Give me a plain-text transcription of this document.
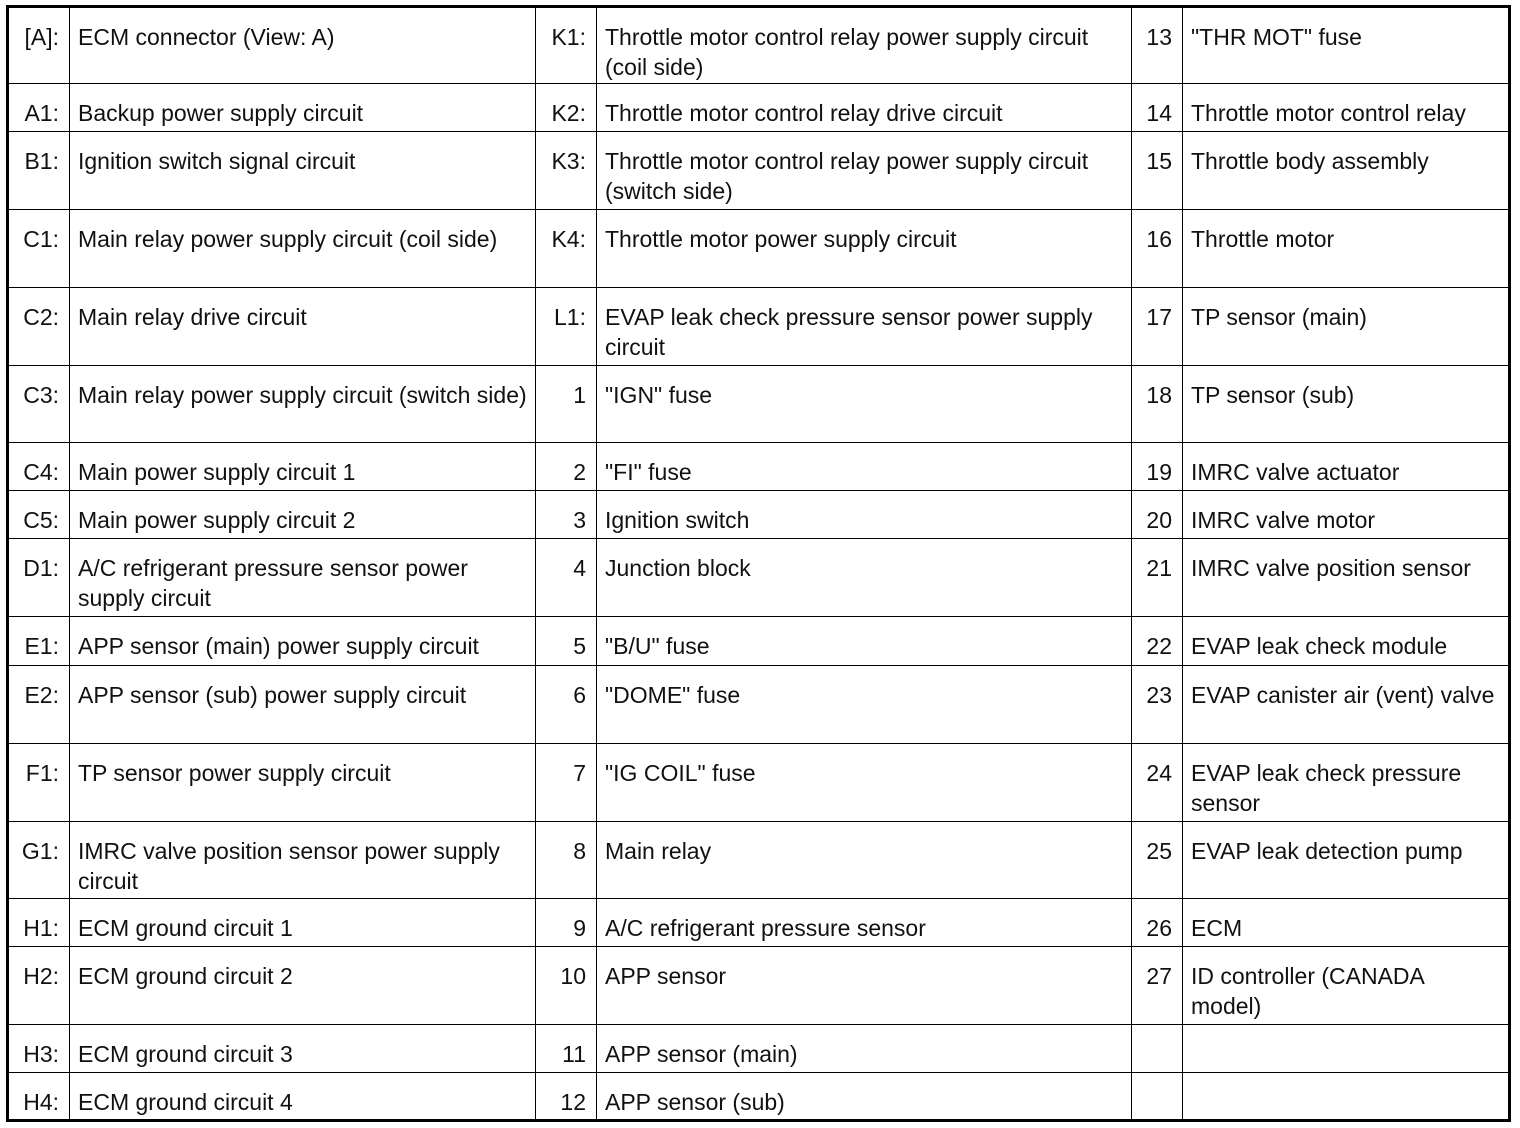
[A]:	ECM connector (View: A)	K1:	Throttle motor control relay power supply circuit (coil side)	13	"THR MOT" fuse
A1:	Backup power supply circuit	K2:	Throttle motor control relay drive circuit	14	Throttle motor control relay
B1:	Ignition switch signal circuit	K3:	Throttle motor control relay power supply circuit (switch side)	15	Throttle body assembly
C1:	Main relay power supply circuit (coil side)	K4:	Throttle motor power supply circuit	16	Throttle motor
C2:	Main relay drive circuit	L1:	EVAP leak check pressure sensor power supply circuit	17	TP sensor (main)
C3:	Main relay power supply circuit (switch side)	1	"IGN" fuse	18	TP sensor (sub)
C4:	Main power supply circuit 1	2	"FI" fuse	19	IMRC valve actuator
C5:	Main power supply circuit 2	3	Ignition switch	20	IMRC valve motor
D1:	A/C refrigerant pressure sensor power supply circuit	4	Junction block	21	IMRC valve position sensor
E1:	APP sensor (main) power supply circuit	5	"B/U" fuse	22	EVAP leak check module
E2:	APP sensor (sub) power supply circuit	6	"DOME" fuse	23	EVAP canister air (vent) valve
F1:	TP sensor power supply circuit	7	"IG COIL" fuse	24	EVAP leak check pressure sensor
G1:	IMRC valve position sensor power supply circuit	8	Main relay	25	EVAP leak detection pump
H1:	ECM ground circuit 1	9	A/C refrigerant pressure sensor	26	ECM
H2:	ECM ground circuit 2	10	APP sensor	27	ID controller (CANADA model)
H3:	ECM ground circuit 3	11	APP sensor (main)		
H4:	ECM ground circuit 4	12	APP sensor (sub)		
